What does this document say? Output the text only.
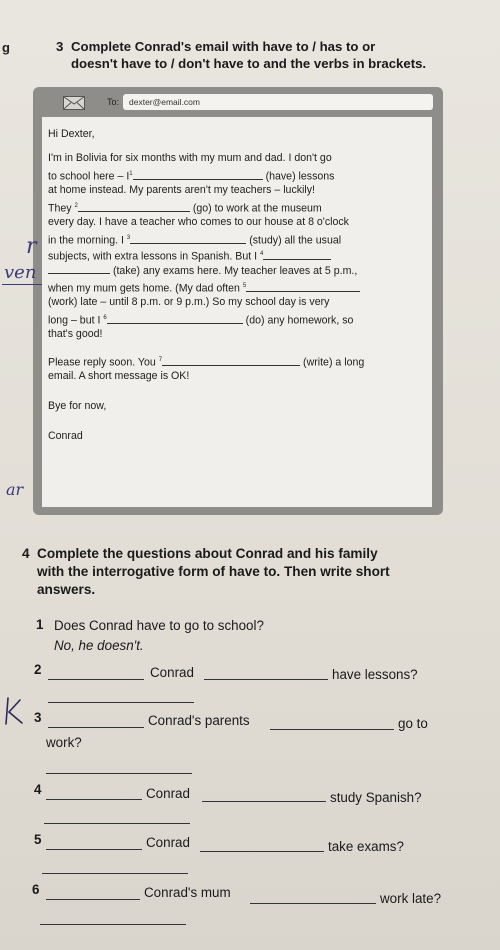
g	3 Complete Conrad's email with have to / has to or
doesn't have to / don't have to and the verbs in brackets.
To:	dexter@email.com
Hi Dexter,
I'm in Bolivia for six months with my mum and dad. I don't go
to school here – $I^1$	(have) lessons
at home instead. My parents aren't my teachers – luckily!
They $^2$	(go) to work at the museum
every day. I have a teacher who comes to our house at 8 o'clock
in the morning. I $^3$	(study) all the usual
subjects, with extra lessons in Spanish. But I $^4$
(take) any exams here. My teacher leaves at 5 p.m.,
when my mum gets home. (My dad often $^5$
(work) late – until 8 p.m. or 9 p.m.) So my school day is very
long – but I $^6$	(do) any homework, so
that's good!
Please reply soon. You $^7$	(write) a long
email. A short message is OK!
Bye for now,
Conrad
4 Complete the questions about Conrad and his family
with the interrogative form of have to. Then write short
answers.
1 Does Conrad have to go to school?
No, he doesn't.
2	Conrad	have lessons?
3	Conrad's parents	go to
work?
4	Conrad	study Spanish?
5	Conrad	take exams?
6	Conrad's mum	work late?
r
ven
ar
